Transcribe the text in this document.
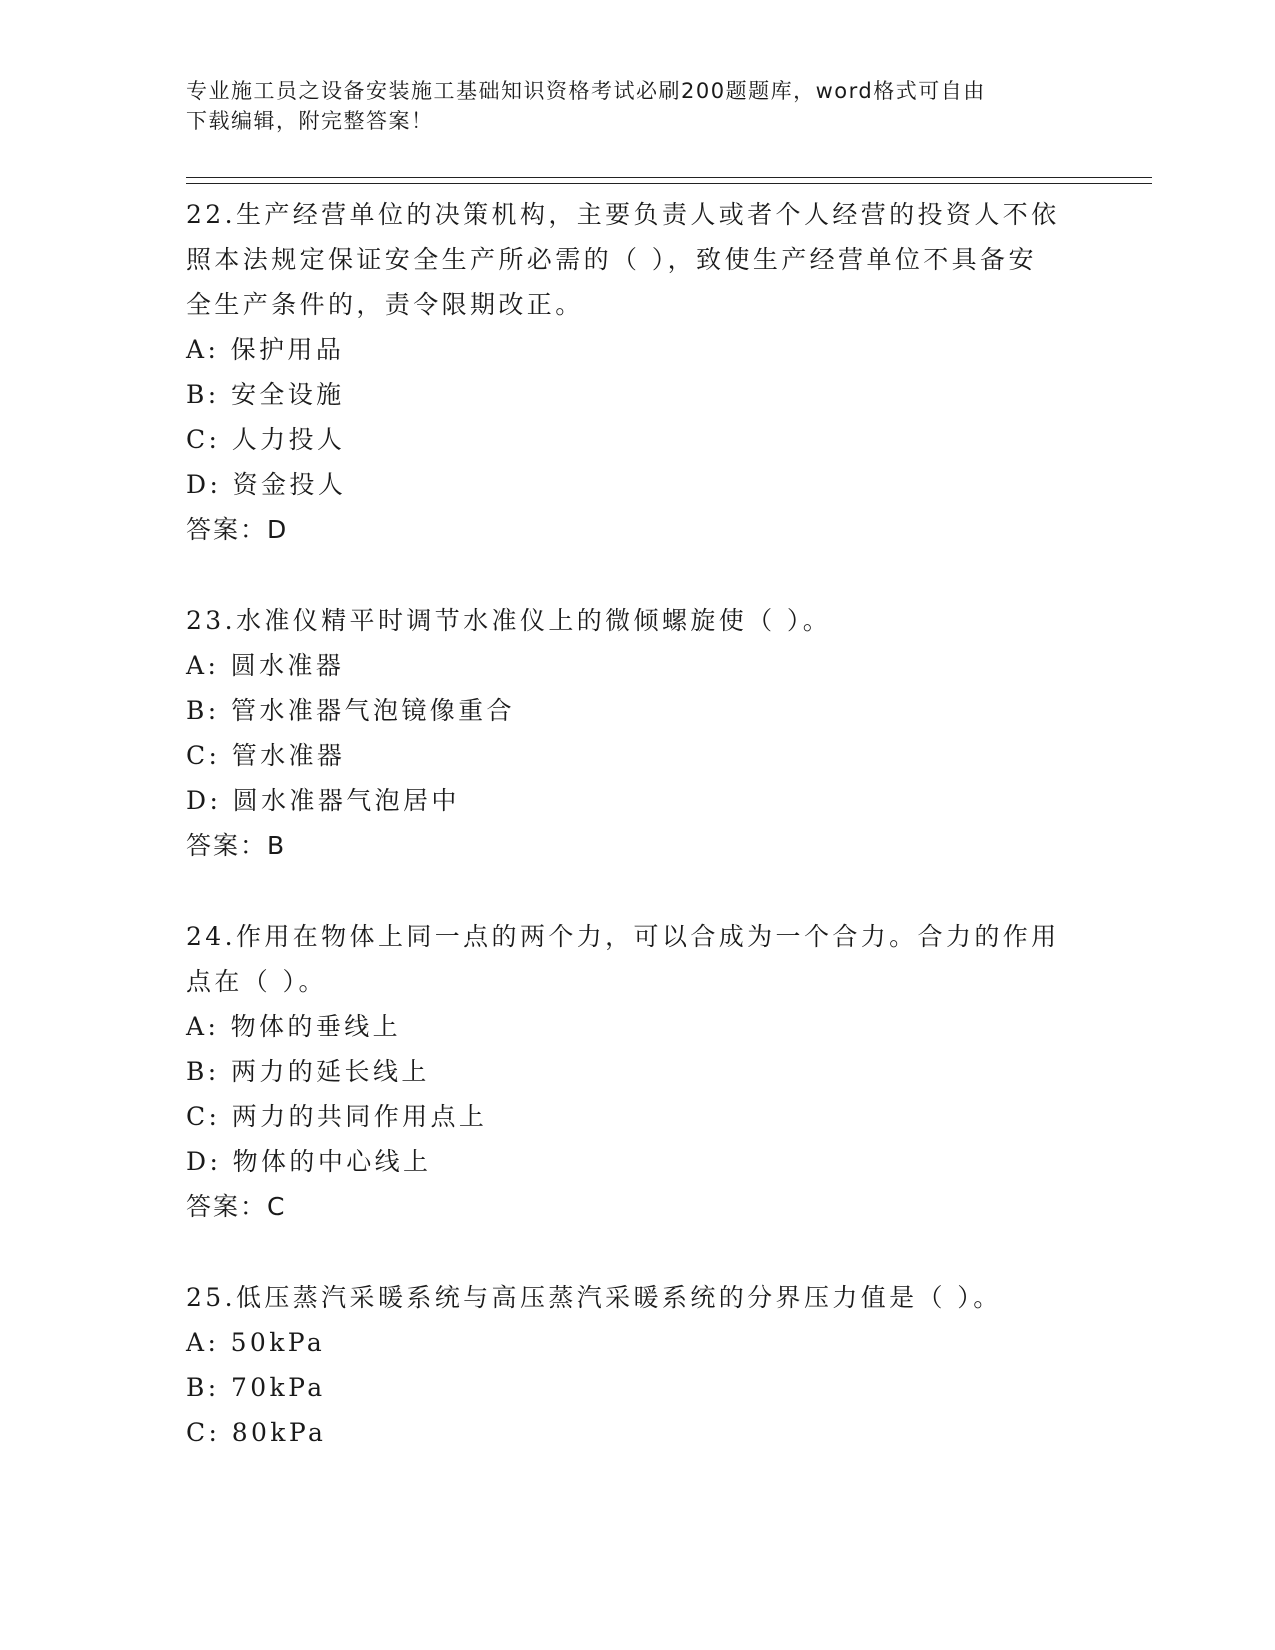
专业施工员之设备安装施工基础知识资格考试必刷200题题库，word格式可自由
下载编辑，附完整答案！

22.生产经营单位的决策机构，主要负责人或者个人经营的投资人不依

照本法规定保证安全生产所必需的（ ），致使生产经营单位不具备安

全生产条件的，责令限期改正。

A: 保护用品

B: 安全设施

C: 人力投人

D: 资金投人

答案：D

23.水准仪精平时调节水准仪上的微倾螺旋使（ ）。

A: 圆水准器

B: 管水准器气泡镜像重合

C: 管水准器

D: 圆水准器气泡居中

答案：B

24.作用在物体上同一点的两个力，可以合成为一个合力。合力的作用

点在（ ）。

A: 物体的垂线上

B: 两力的延长线上

C: 两力的共同作用点上

D: 物体的中心线上

答案：C

25.低压蒸汽采暖系统与高压蒸汽采暖系统的分界压力值是（ ）。

A: 50kPa

B: 70kPa

C: 80kPa
